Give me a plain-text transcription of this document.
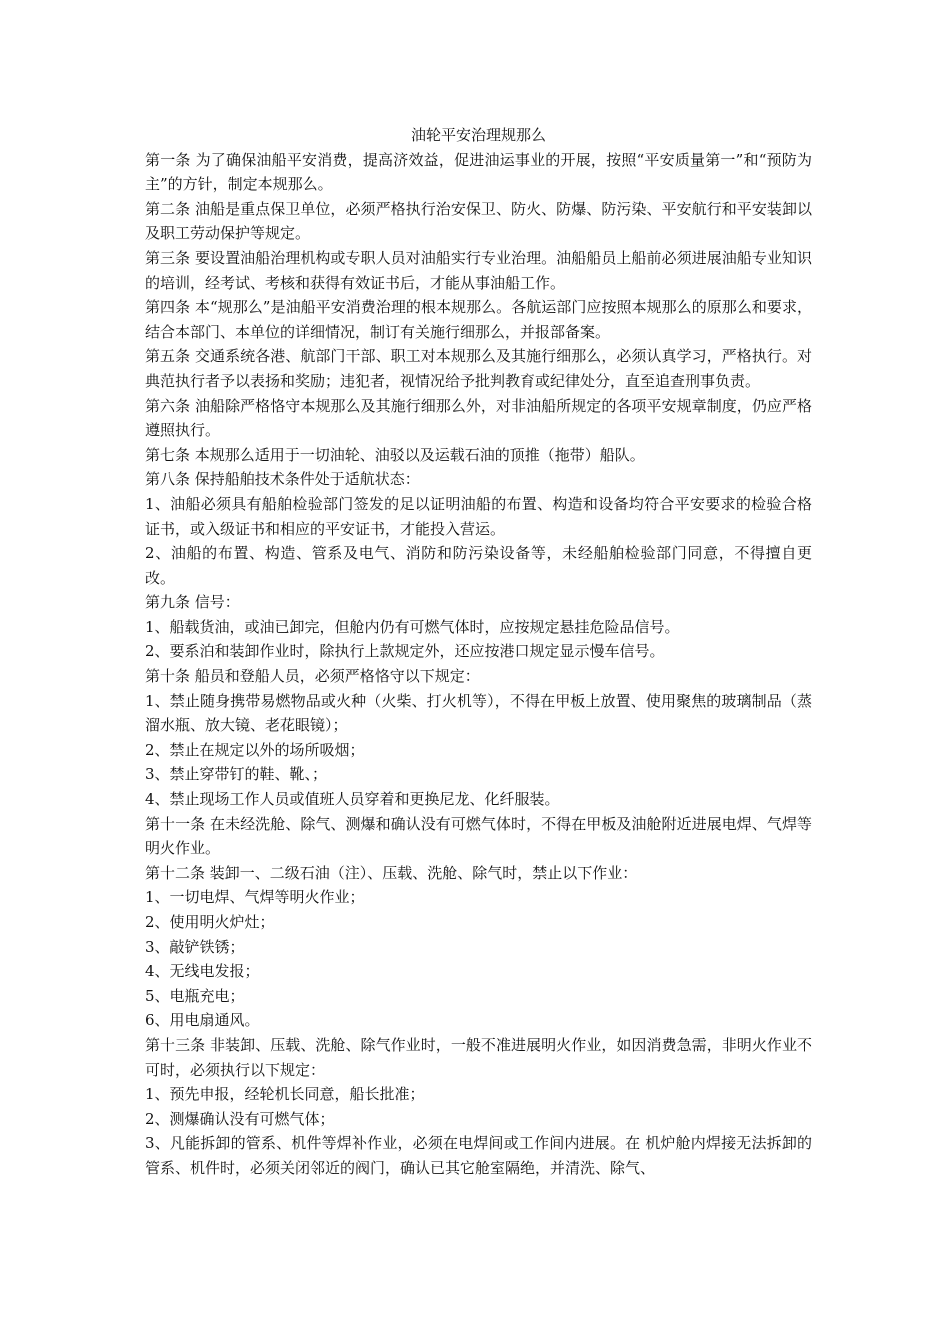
油轮平安治理规那么

第一条 为了确保油船平安消费，提高济效益，促进油运事业的开展，按照“平安质量第一”和“预防为主”的方针，制定本规那么。

第二条 油船是重点保卫单位，必须严格执行治安保卫、防火、防爆、防污染、平安航行和平安装卸以及职工劳动保护等规定。

第三条 要设置油船治理机构或专职人员对油船实行专业治理。油船船员上船前必须进展油船专业知识的培训，经考试、考核和获得有效证书后，才能从事油船工作。

第四条 本“规那么”是油船平安消费治理的根本规那么。各航运部门应按照本规那么的原那么和要求，结合本部门、本单位的详细情况，制订有关施行细那么，并报部备案。

第五条 交通系统各港、航部门干部、职工对本规那么及其施行细那么，必须认真学习，严格执行。对典范执行者予以表扬和奖励；违犯者，视情况给予批判教育或纪律处分，直至追查刑事负责。

第六条 油船除严格恪守本规那么及其施行细那么外，对非油船所规定的各项平安规章制度，仍应严格遵照执行。

第七条 本规那么适用于一切油轮、油驳以及运载石油的顶推（拖带）船队。

第八条 保持船舶技术条件处于适航状态：

1、油船必须具有船舶检验部门签发的足以证明油船的布置、构造和设备均符合平安要求的检验合格证书，或入级证书和相应的平安证书，才能投入营运。

2、油船的布置、构造、管系及电气、消防和防污染设备等，未经船舶检验部门同意，不得擅自更改。

第九条 信号：

1、船载货油，或油已卸完，但舱内仍有可燃气体时，应按规定悬挂危险品信号。

2、要系泊和装卸作业时，除执行上款规定外，还应按港口规定显示慢车信号。

第十条 船员和登船人员，必须严格恪守以下规定：

1、禁止随身携带易燃物品或火种（火柴、打火机等），不得在甲板上放置、使用聚焦的玻璃制品（蒸溜水瓶、放大镜、老花眼镜）；

2、禁止在规定以外的场所吸烟；

3、禁止穿带钉的鞋、靴、；

4、禁止现场工作人员或值班人员穿着和更换尼龙、化纤服装。

第十一条 在未经洗舱、除气、测爆和确认没有可燃气体时，不得在甲板及油舱附近进展电焊、气焊等明火作业。

第十二条 装卸一、二级石油（注）、压载、洗舱、除气时，禁止以下作业：

1、一切电焊、气焊等明火作业；

2、使用明火炉灶；

3、敲铲铁锈；

4、无线电发报；

5、电瓶充电；

6、用电扇通风。

第十三条 非装卸、压载、洗舱、除气作业时，一般不准进展明火作业，如因消费急需，非明火作业不可时，必须执行以下规定：

1、预先申报，经轮机长同意，船长批准；

2、测爆确认没有可燃气体；

3、凡能拆卸的管系、机件等焊补作业，必须在电焊间或工作间内进展。在 机炉舱内焊接无法拆卸的管系、机件时，必须关闭邻近的阀门，确认已其它舱室隔绝，并清洗、除气、
